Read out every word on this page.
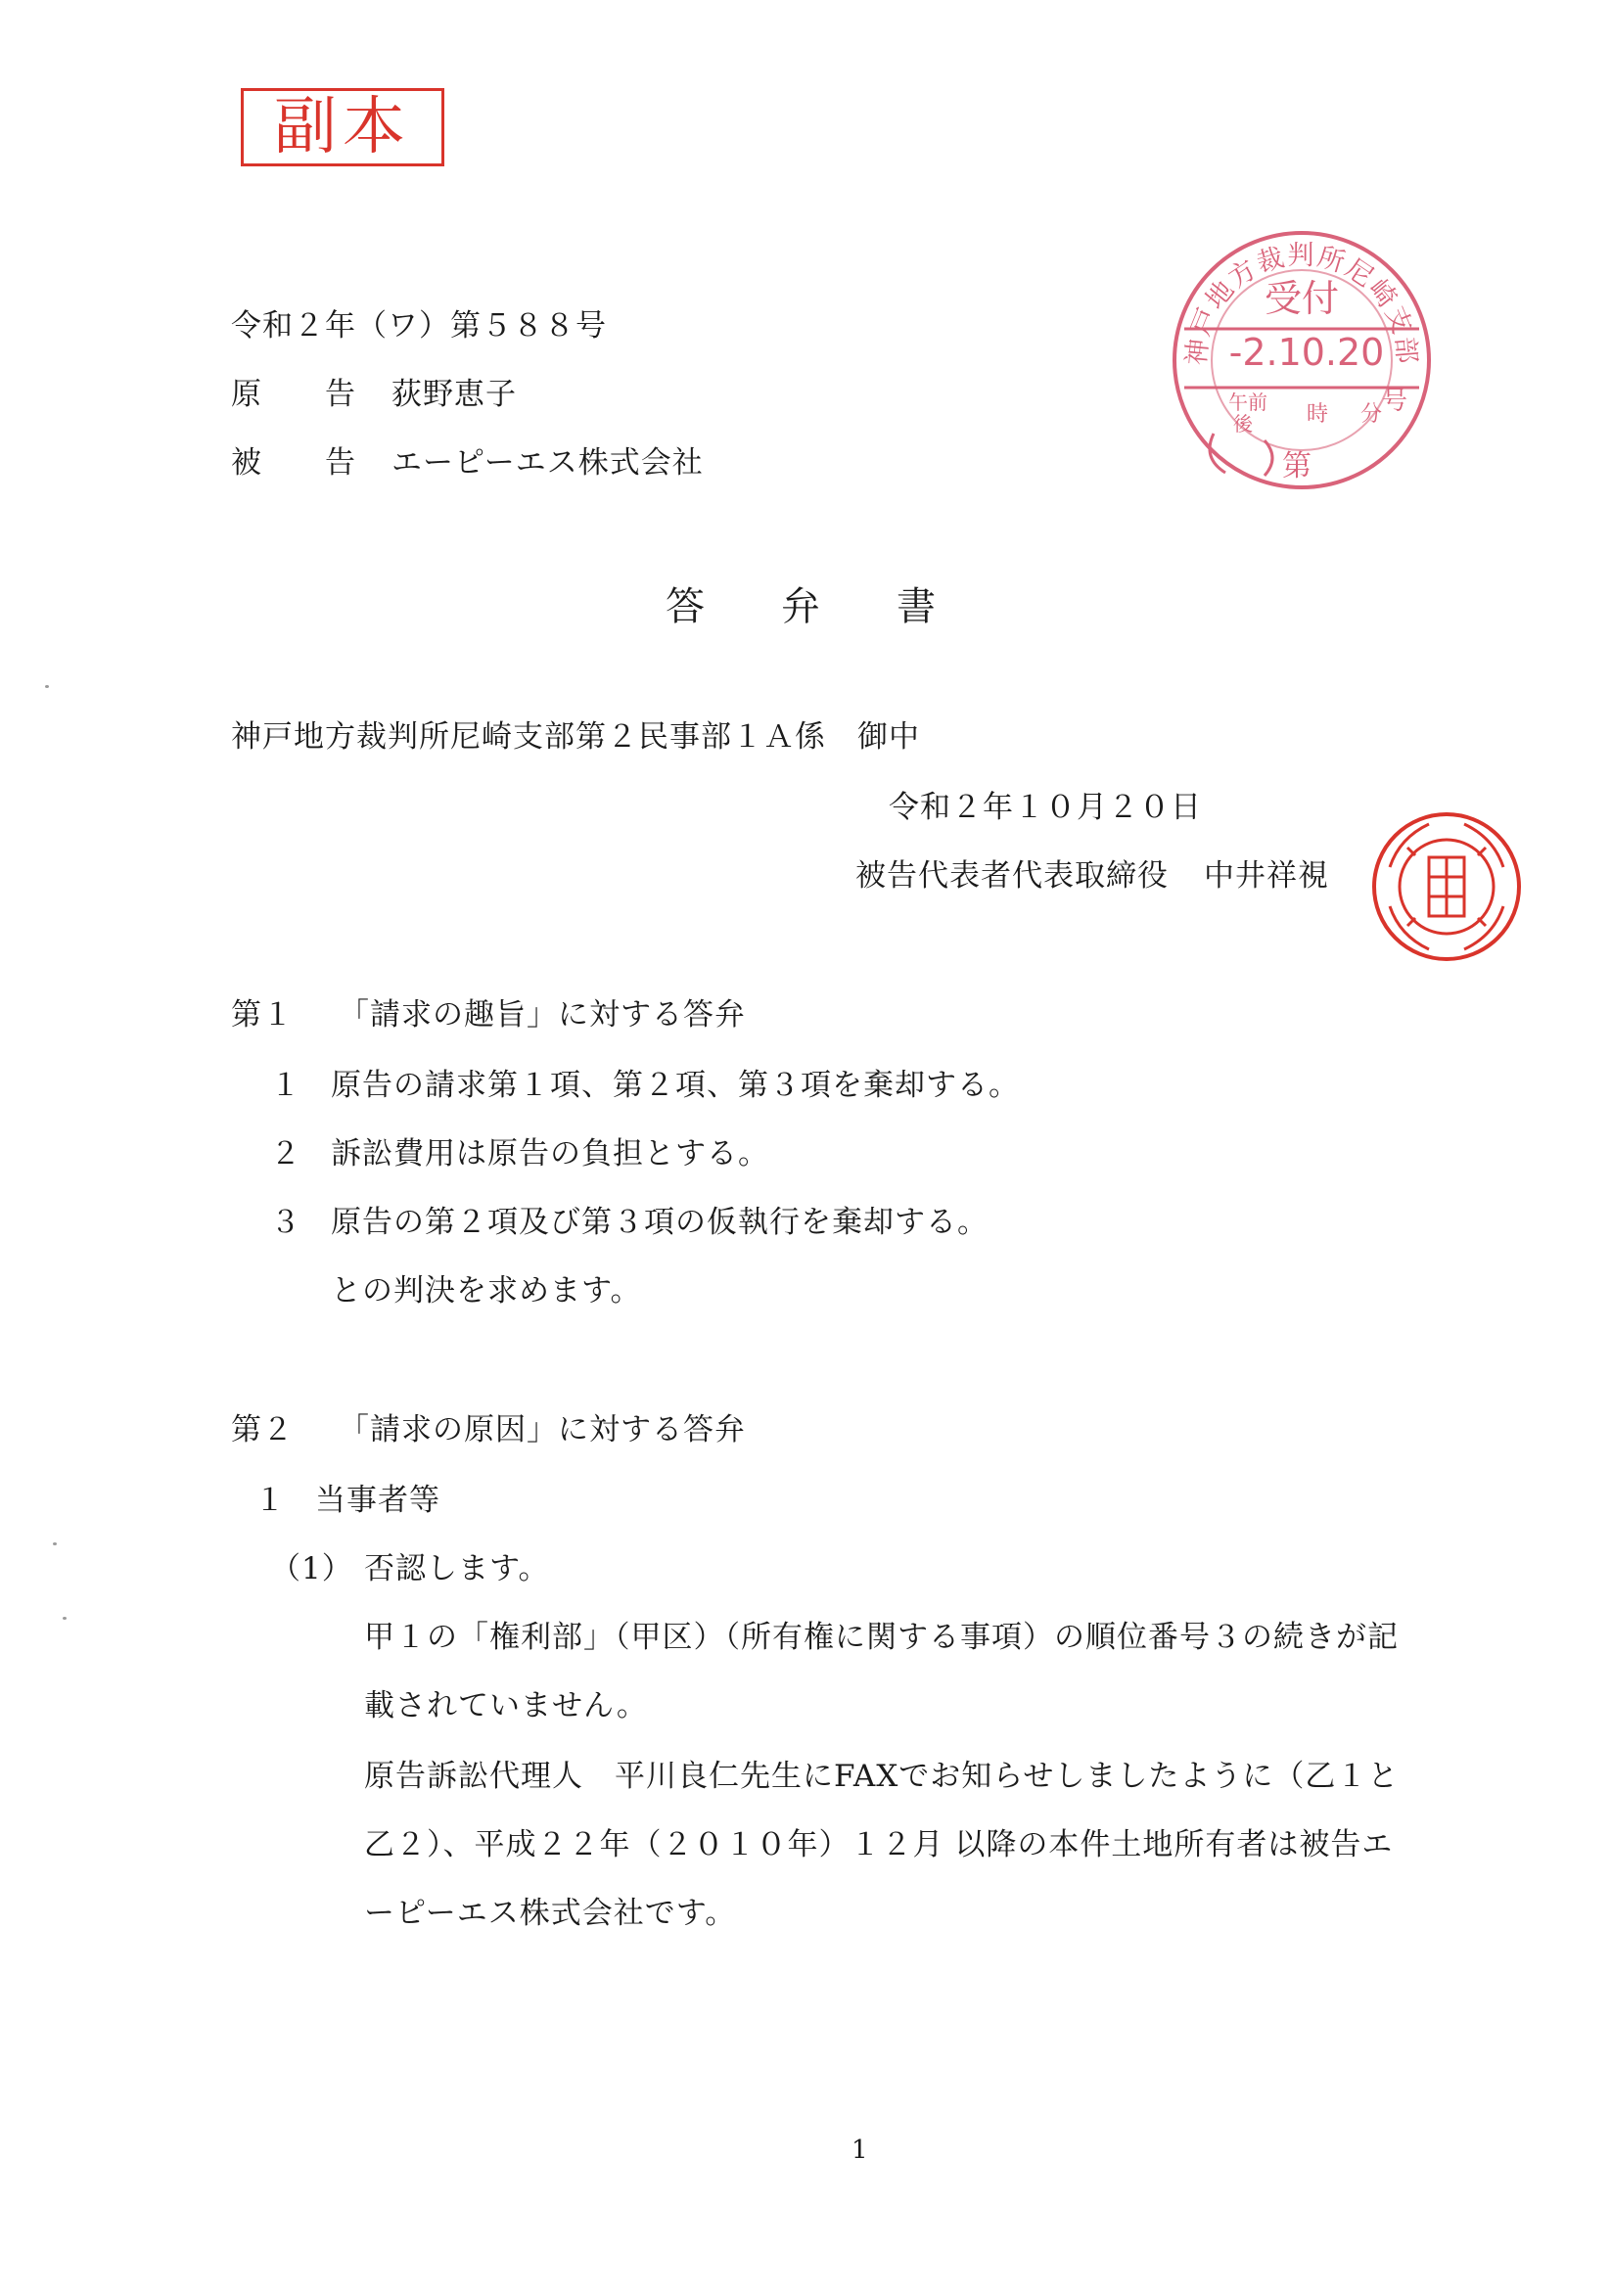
副本
神戸地方裁判所尼崎支部
受付
-2.10.20
午前
後	時 分 号
第
令和２年（ワ）第５８８号
原　　告 荻野恵子
被　　告 エーピーエス株式会社
答 弁 書
神戸地方裁判所尼崎支部第２民事部１Ａ係　御中
令和２年１０月２０日
被告代表者代表取締役 中井祥視
第１ 「請求の趣旨」に対する答弁
１ 原告の請求第１項、第２項、第３項を棄却する。
２ 訴訟費用は原告の負担とする。
３ 原告の第２項及び第３項の仮執行を棄却する。
との判決を求めます。
第２ 「請求の原因」に対する答弁
１ 当事者等
（1） 否認します。
甲１の「権利部」（甲区）（所有権に関する事項）の順位番号３の続きが記
載されていません。
原告訴訟代理人　平川良仁先生にFAXでお知らせしましたように（乙１と
乙２）、平成２２年（２０１０年）１２月 以降の本件土地所有者は被告エ
ーピーエス株式会社です。
1
